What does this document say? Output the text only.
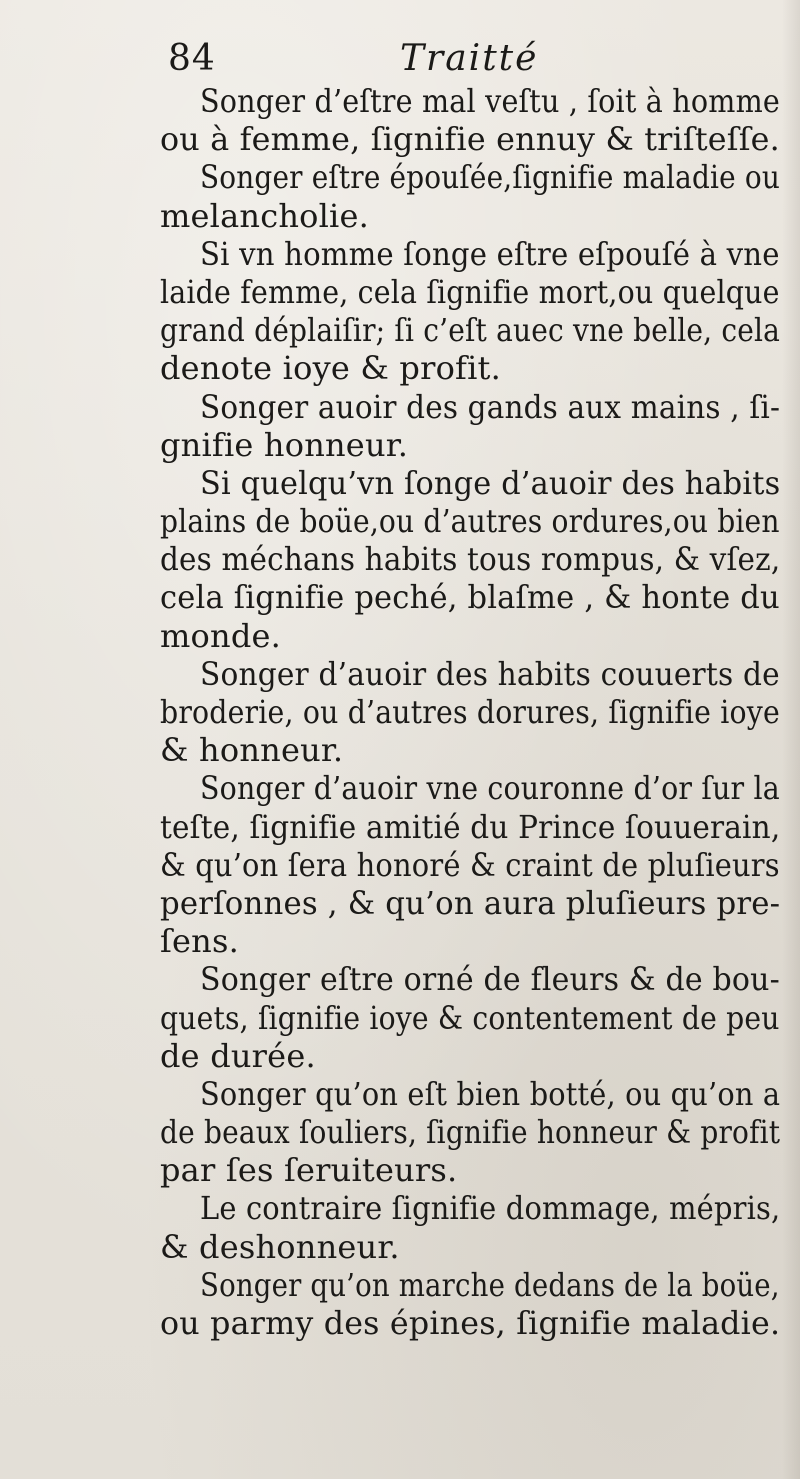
84	Traitté
Songer d’eſtre mal veſtu , ſoit à homme
ou à femme, ſignifie ennuy & triſteſſe.
Songer eſtre épouſée,ſignifie maladie ou
melancholie.
Si vn homme ſonge eſtre eſpouſé à vne
laide femme, cela ſignifie mort,ou quelque
grand déplaiſir; ſi c’eſt auec vne belle, cela
denote ioye & profit.
Songer auoir des gands aux mains , ſi-
gnifie honneur.
Si quelqu’vn ſonge d’auoir des habits
plains de boüe,ou d’autres ordures,ou bien
des méchans habits tous rompus, & vſez,
cela ſignifie peché, blaſme , & honte du
monde.
Songer d’auoir des habits couuerts de
broderie, ou d’autres dorures, ſignifie ioye
& honneur.
Songer d’auoir vne couronne d’or ſur la
teſte, ſignifie amitié du Prince ſouuerain,
& qu’on ſera honoré & craint de pluſieurs
perſonnes , & qu’on aura pluſieurs pre-
ſens.
Songer eſtre orné de fleurs & de bou-
quets, ſignifie ioye & contentement de peu
de durée.
Songer qu’on eſt bien botté, ou qu’on a
de beaux ſouliers, ſignifie honneur & profit
par ſes ſeruiteurs.
Le contraire ſignifie dommage, mépris,
& deshonneur.
Songer qu’on marche dedans de la boüe,
ou parmy des épines, ſignifie maladie.
